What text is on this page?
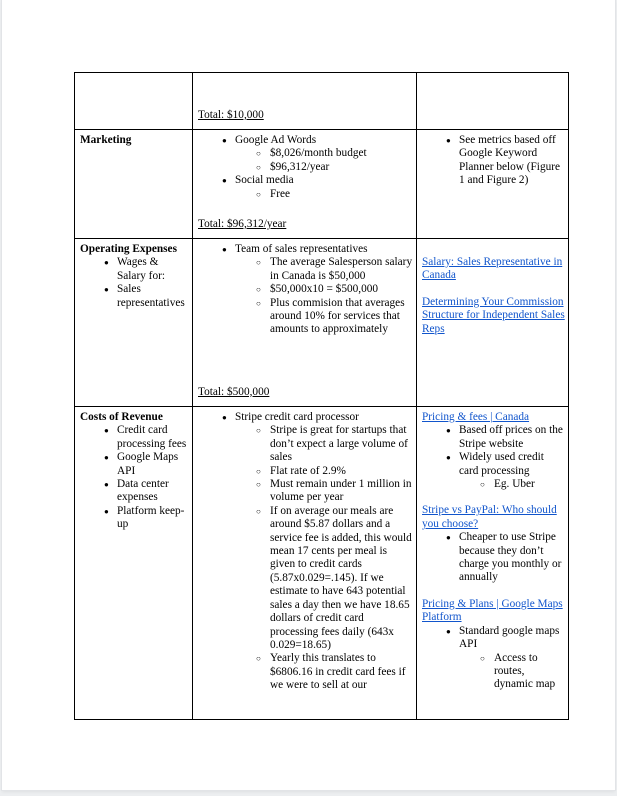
Total: $10,000
Marketing	● Google Ad Words
○ $8,026/month budget
○ $96,312/year
● Social media
○ Free
Total: $96,312/year
● See metrics based off Google Keyword Planner below (Figure 1 and Figure 2)
Operating Expenses
● Wages & Salary for:
● Sales representatives
● Team of sales representatives
○ The average Salesperson salary in Canada is $50,000
○ $50,000x10 = $500,000
○ Plus commision that averages around 10% for services that amounts to approximately
Total: $500,000
Salary: Sales Representative in Canada
Determining Your Commission Structure for Independent Sales Reps
Costs of Revenue
● Credit card processing fees
● Google Maps API
● Data center expenses
● Platform keep-up
● Stripe credit card processor
○ Stripe is great for startups that don’t expect a large volume of sales
○ Flat rate of 2.9%
○ Must remain under 1 million in volume per year
○ If on average our meals are around $5.87 dollars and a service fee is added, this would mean 17 cents per meal is given to credit cards (5.87x0.029=.145). If we estimate to have 643 potential sales a day then we have 18.65 dollars of credit card processing fees daily (643x 0.029=18.65)
○ Yearly this translates to $6806.16 in credit card fees if we were to sell at our
Pricing & fees | Canada
● Based off prices on the Stripe website
● Widely used credit card processing
○ Eg. Uber
Stripe vs PayPal: Who should you choose?
● Cheaper to use Stripe because they don’t charge you monthly or annually
Pricing & Plans | Google Maps Platform
● Standard google maps API
○ Access to routes, dynamic map
